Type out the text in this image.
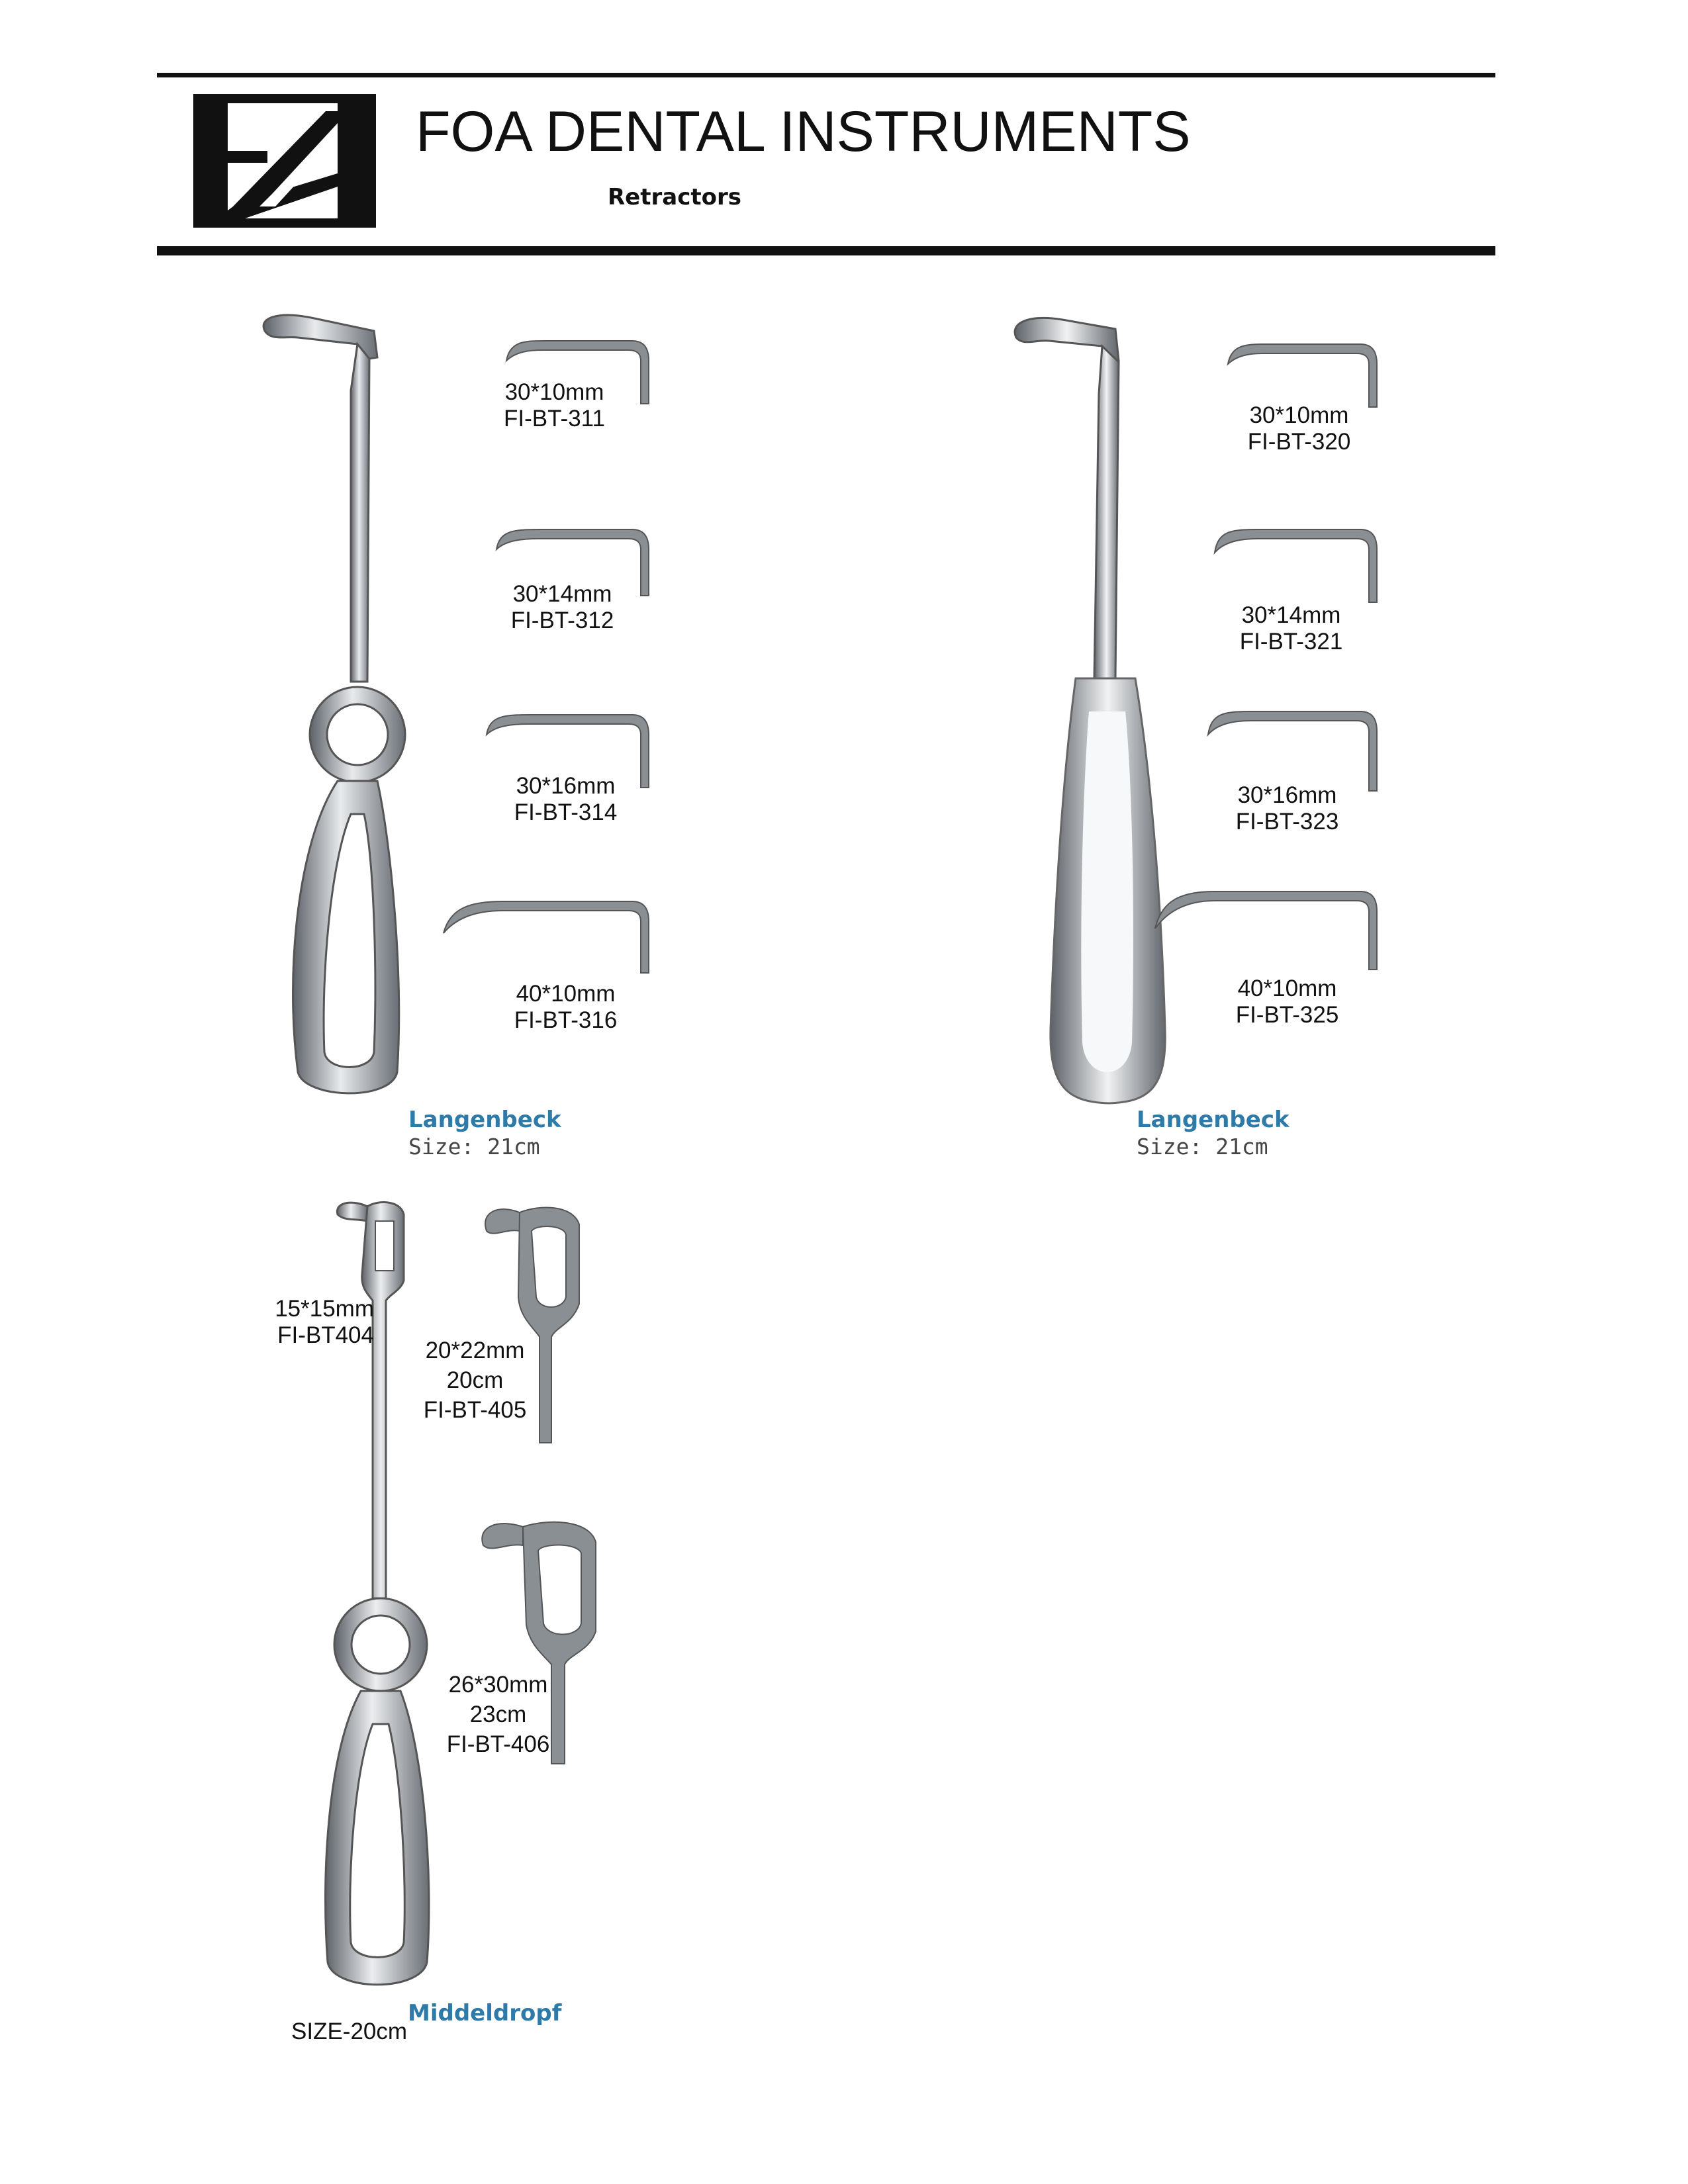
FOA DENTAL INSTRUMENTS
Retractors
30*10mm
FI-BT-311
30*14mm
FI-BT-312
30*16mm
FI-BT-314
40*10mm
FI-BT-316
Langenbeck
Size: 21cm
30*10mm
FI-BT-320
30*14mm
FI-BT-321
30*16mm
FI-BT-323
40*10mm
FI-BT-325
Langenbeck
Size: 21cm
15*15mm
FI-BT404
20*22mm
20cm
FI-BT-405
26*30mm
23cm
FI-BT-406
Middeldropf
SIZE-20cm
